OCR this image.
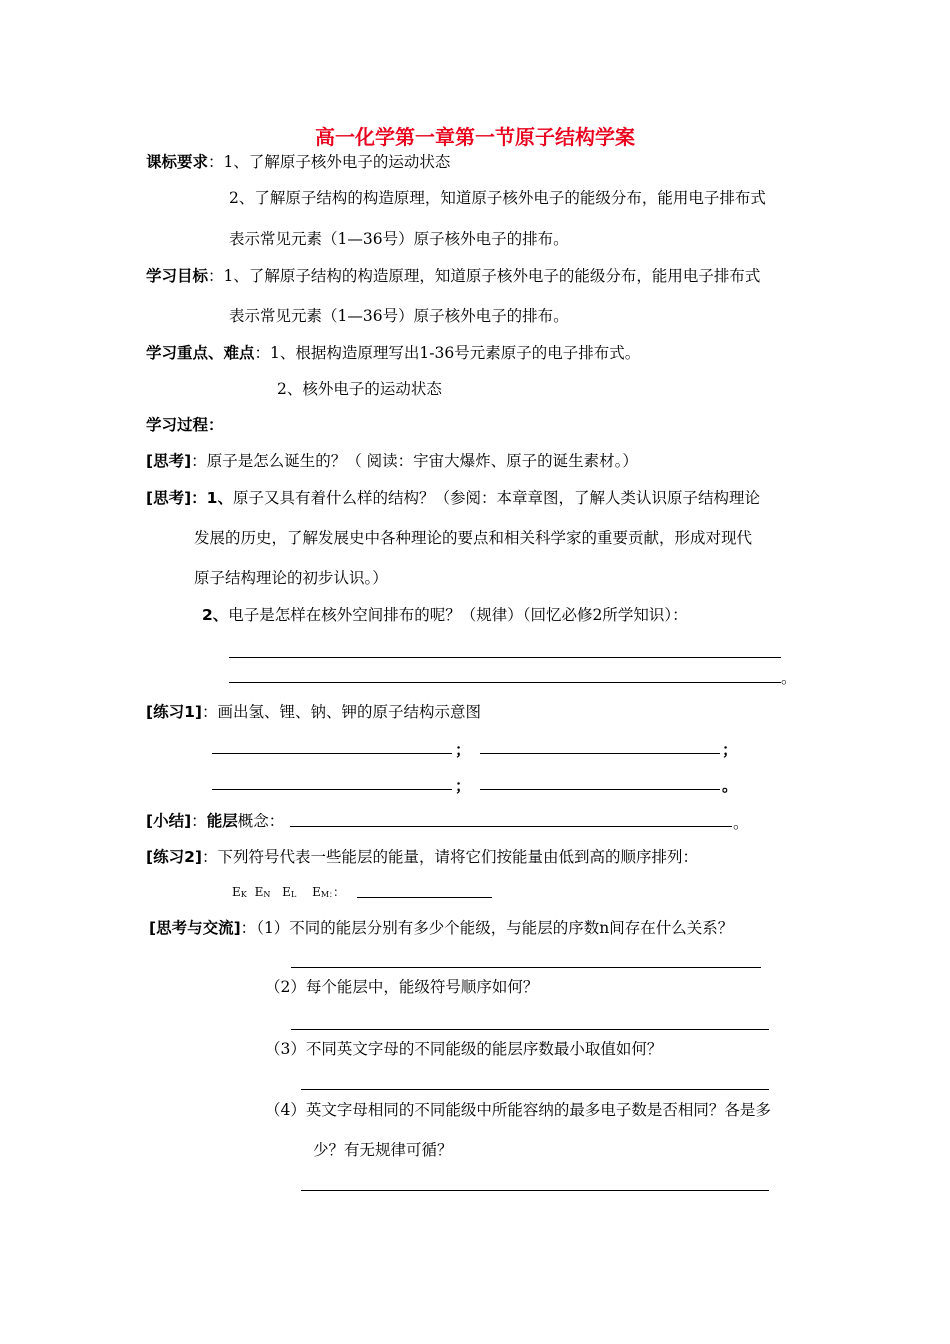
高一化学第一章第一节原子结构学案
课标要求：1、了解原子核外电子的运动状态
2、了解原子结构的构造原理，知道原子核外电子的能级分布，能用电子排布式
表示常见元素（1—36号）原子核外电子的排布。
学习目标：1、了解原子结构的构造原理，知道原子核外电子的能级分布，能用电子排布式
表示常见元素（1—36号）原子核外电子的排布。
学习重点、难点：1、根据构造原理写出1-36号元素原子的电子排布式。
2、核外电子的运动状态
学习过程：
[思考]：原子是怎么诞生的？（ 阅读：宇宙大爆炸、原子的诞生素材。）
[思考]：1、原子又具有着什么样的结构？（参阅：本章章图，了解人类认识原子结构理论
发展的历史，了解发展史中各种理论的要点和相关科学家的重要贡献，形成对现代
原子结构理论的初步认识。）
2、电子是怎样在核外空间排布的呢？（规律）（回忆必修2所学知识）：
。
[练习1]：画出氢、锂、钠、钾的原子结构示意图
；	；
；	。
[小结]：能层概念：	。
[练习2]：下列符号代表一些能层的能量，请将它们按能量由低到高的顺序排列：
EK EN EL EM：：
[思考与交流]：（1）不同的能层分别有多少个能级，与能层的序数n间存在什么关系？
（2）每个能层中，能级符号顺序如何？
（3）不同英文字母的不同能级的能层序数最小取值如何？
（4）英文字母相同的不同能级中所能容纳的最多电子数是否相同？各是多
少？有无规律可循？
